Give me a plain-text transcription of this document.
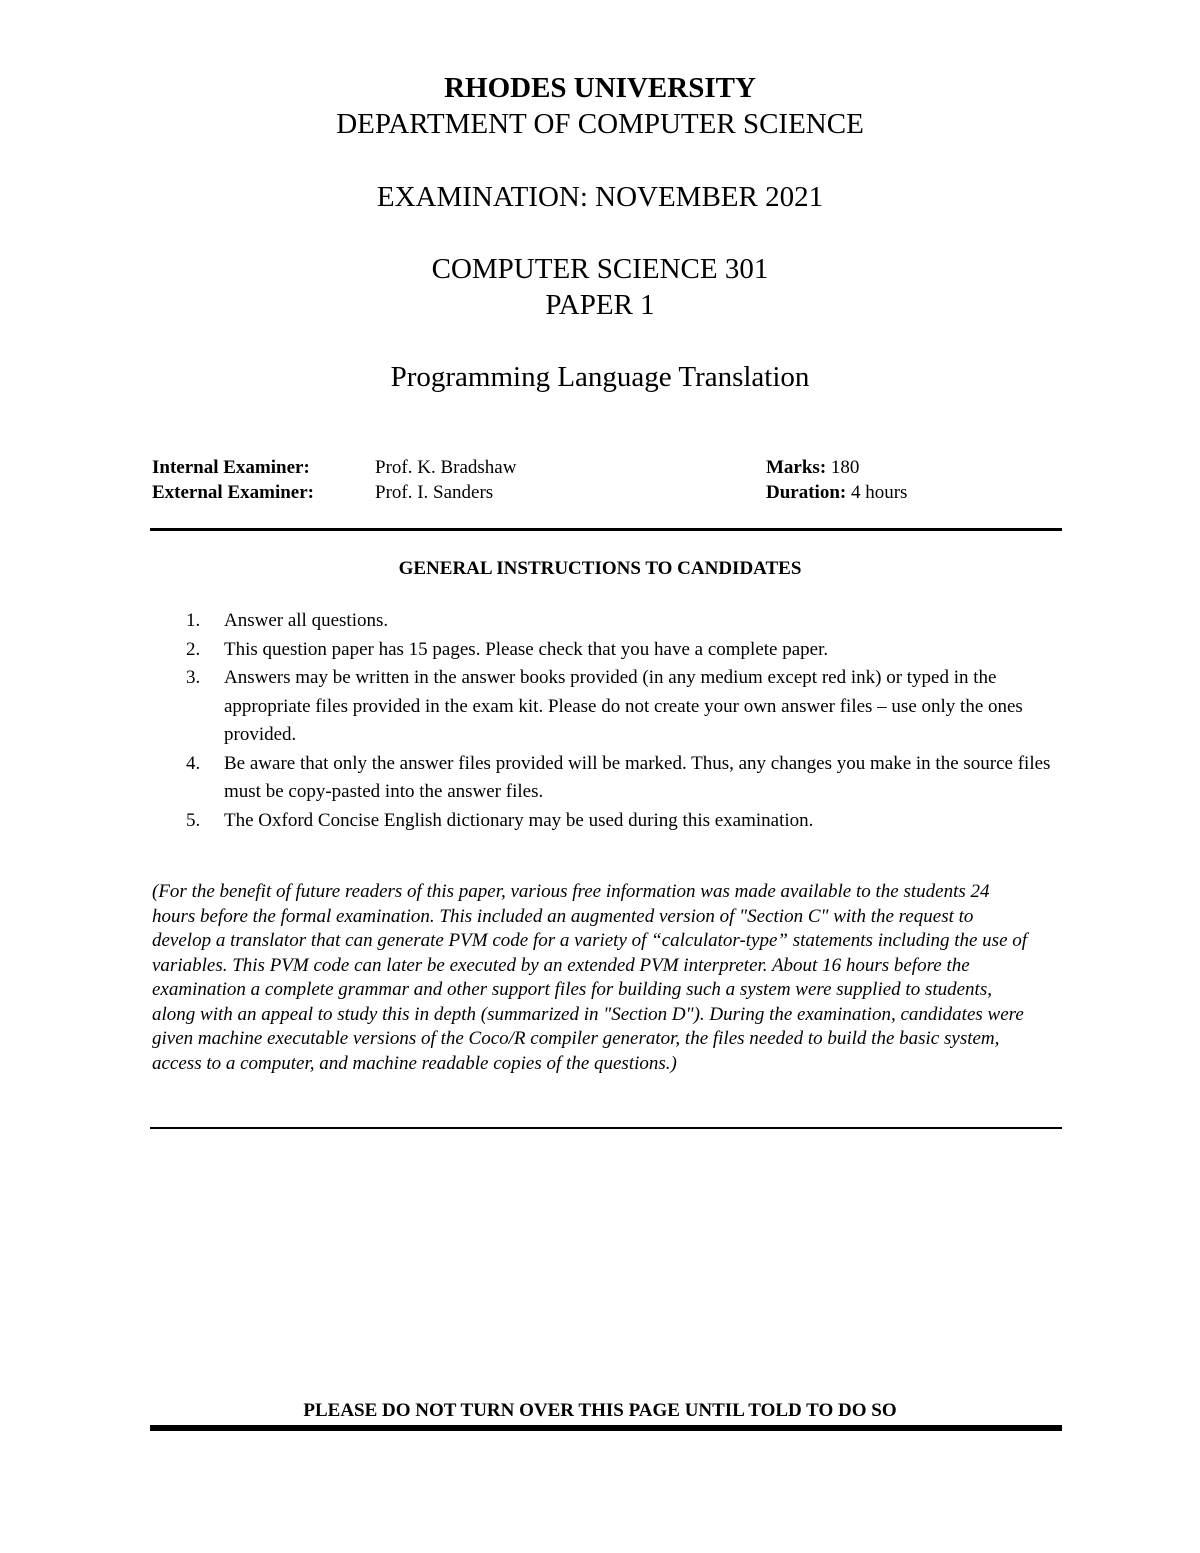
RHODES UNIVERSITY
DEPARTMENT OF COMPUTER SCIENCE
EXAMINATION: NOVEMBER 2021
COMPUTER SCIENCE 301
PAPER 1
Programming Language Translation
Internal Examiner:	Prof. K. Bradshaw	Marks: 180
External Examiner:	Prof. I. Sanders	Duration: 4 hours
GENERAL INSTRUCTIONS TO CANDIDATES
1. Answer all questions.
2. This question paper has 15 pages. Please check that you have a complete paper.
3. Answers may be written in the answer books provided (in any medium except red ink) or typed in the appropriate files provided in the exam kit. Please do not create your own answer files – use only the ones provided.
4. Be aware that only the answer files provided will be marked. Thus, any changes you make in the source files must be copy-pasted into the answer files.
5. The Oxford Concise English dictionary may be used during this examination.
(For the benefit of future readers of this paper, various free information was made available to the students 24 hours before the formal examination. This included an augmented version of "Section C" with the request to develop a translator that can generate PVM code for a variety of “calculator-type” statements including the use of variables. This PVM code can later be executed by an extended PVM interpreter. About 16 hours before the examination a complete grammar and other support files for building such a system were supplied to students, along with an appeal to study this in depth (summarized in "Section D"). During the examination, candidates were given machine executable versions of the Coco/R compiler generator, the files needed to build the basic system, access to a computer, and machine readable copies of the questions.)
PLEASE DO NOT TURN OVER THIS PAGE UNTIL TOLD TO DO SO
